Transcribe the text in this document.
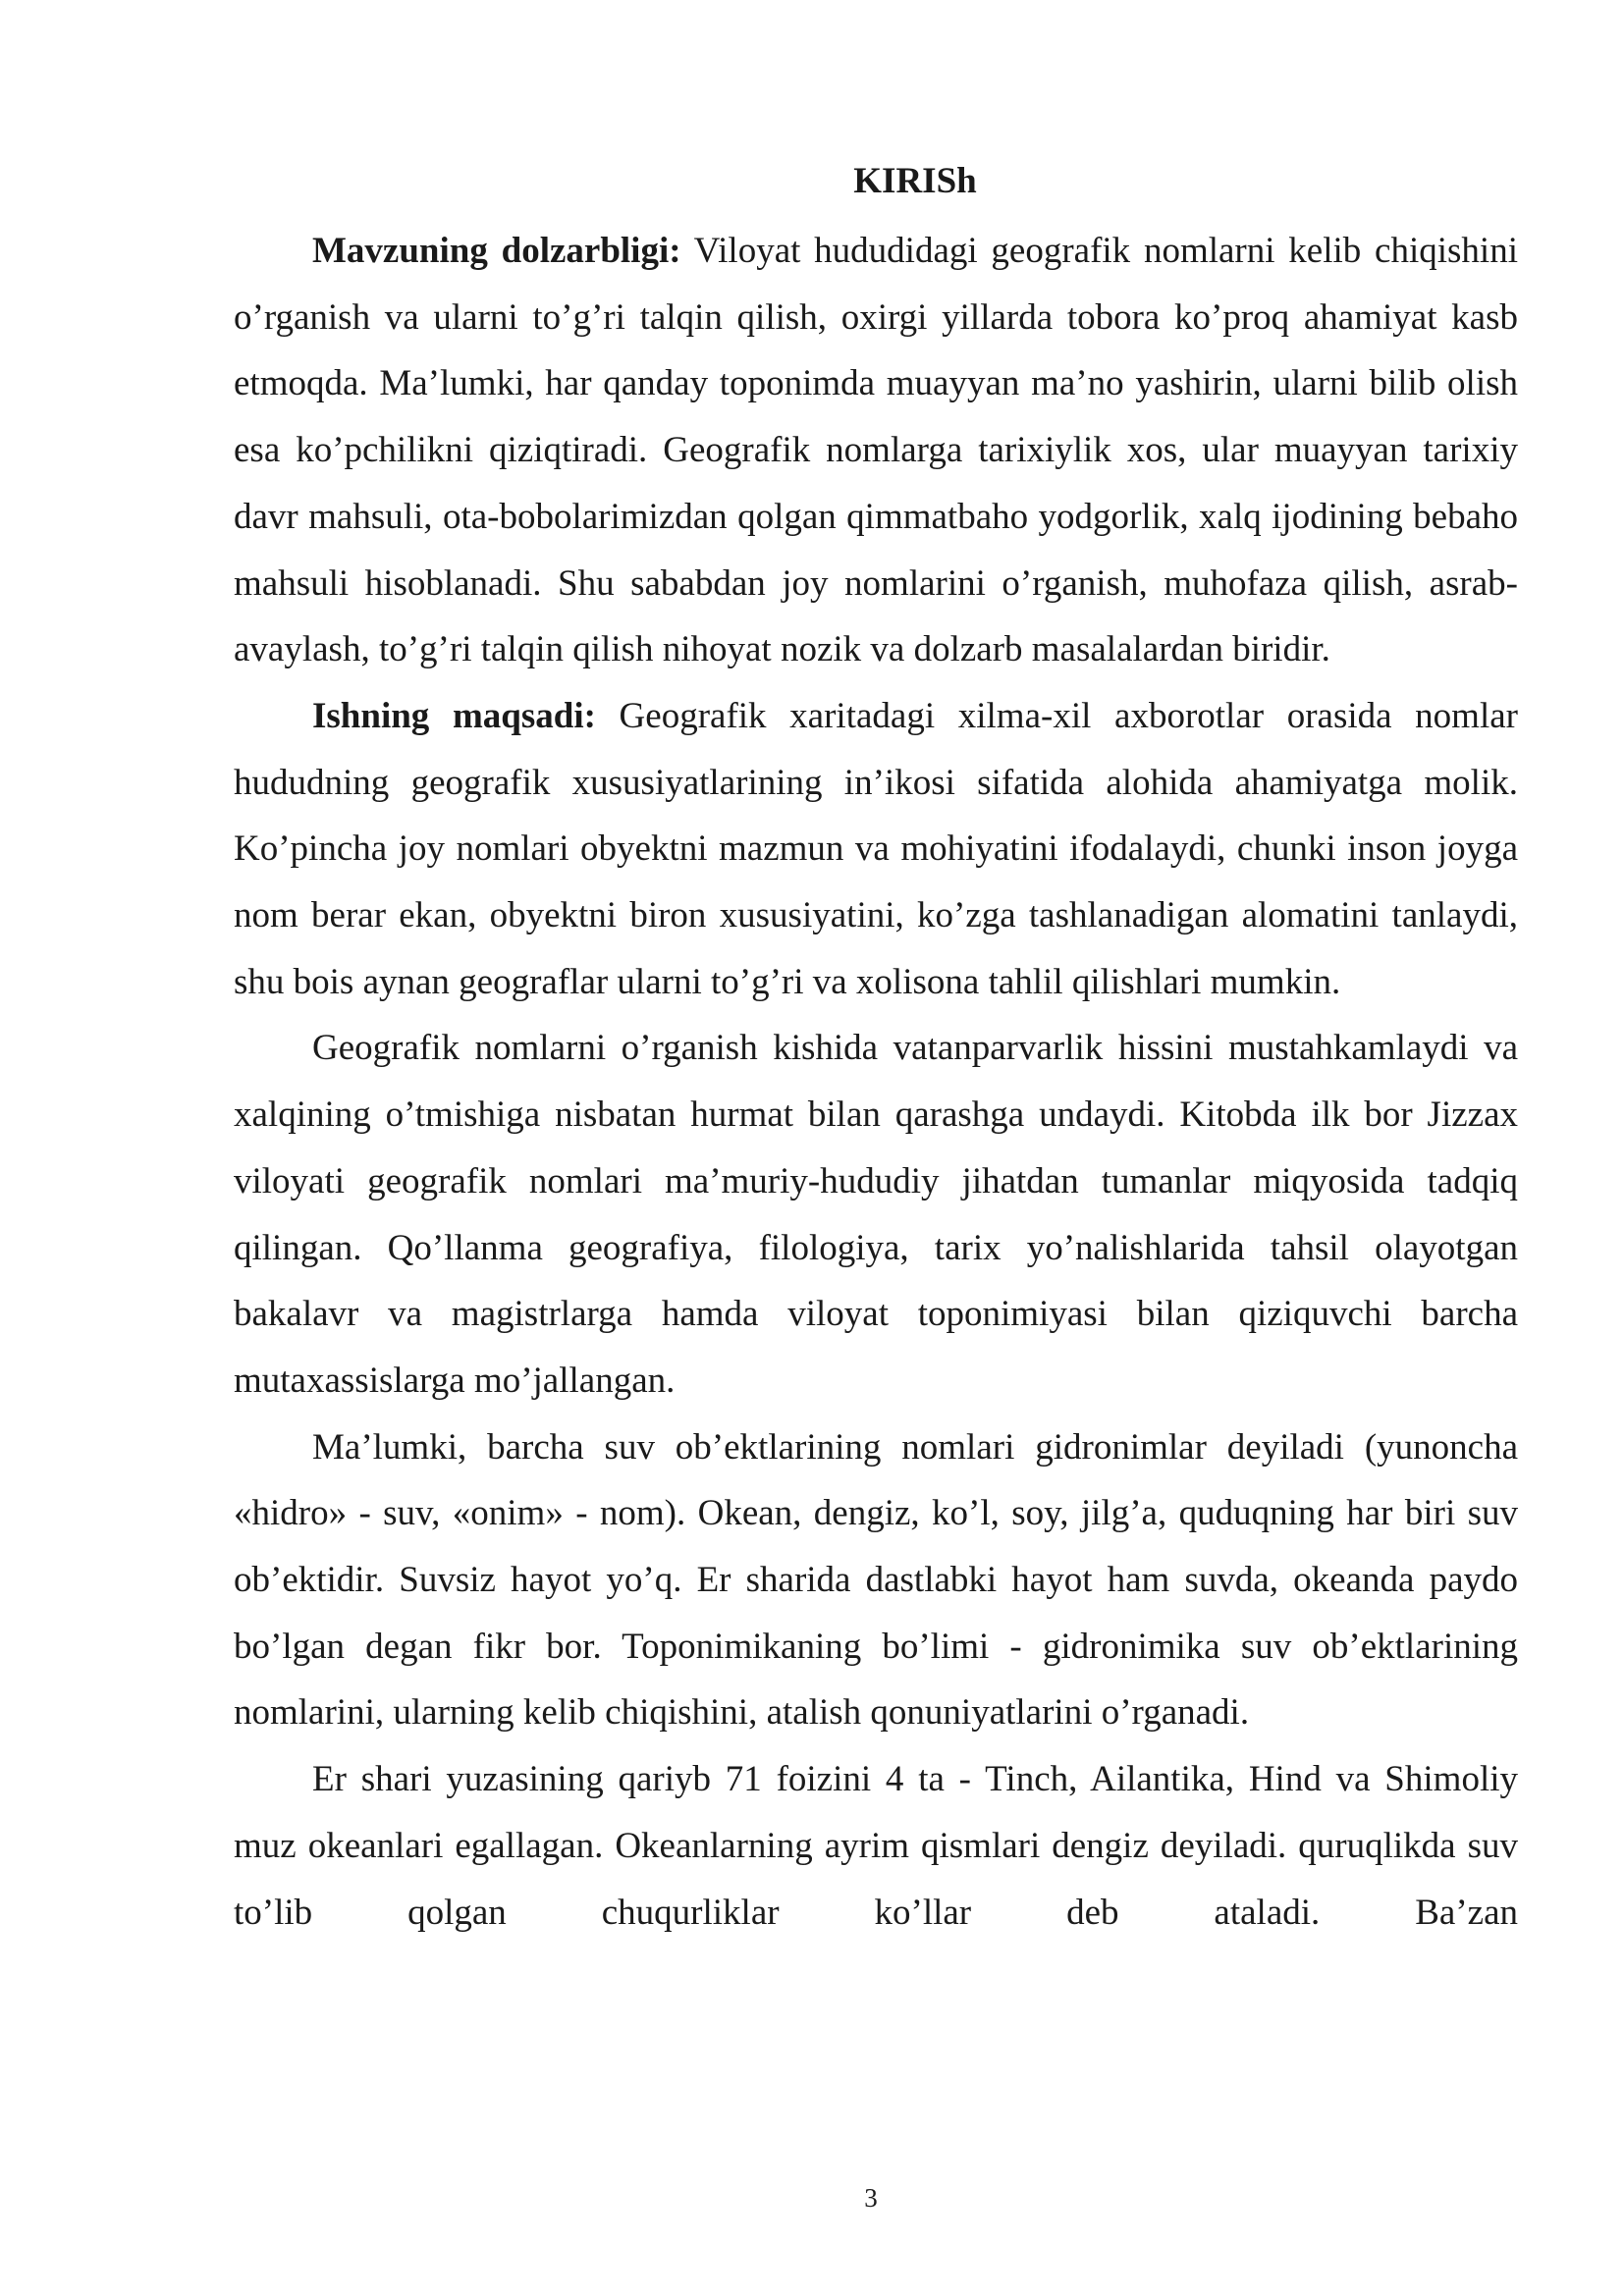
KIRISh

Mavzuning dolzarbligi: Viloyat hududidagi geografik nomlarni kelib chiqishini o’rganish va ularni to’g’ri talqin qilish, oxirgi yillarda tobora ko’proq ahamiyat kasb etmoqda. Ma’lumki, har qanday toponimda muayyan ma’no yashirin, ularni bilib olish esa ko’pchilikni qiziqtiradi. Geografik nomlarga tarixiylik xos, ular muayyan tarixiy davr mahsuli, ota-bobolarimizdan qolgan qimmatbaho yodgorlik, xalq ijodining bebaho mahsuli hisoblanadi. Shu sababdan joy nomlarini o’rganish, muhofaza qilish, asrab-avaylash, to’g’ri talqin qilish nihoyat nozik va dolzarb masalalardan biridir.

Ishning maqsadi: Geografik xaritadagi xilma-xil axborotlar orasida nomlar hududning geografik xususiyatlarining in’ikosi sifatida alohida ahamiyatga molik. Ko’pincha joy nomlari obyektni mazmun va mohiyatini ifodalaydi, chunki inson joyga nom berar ekan, obyektni biron xususiyatini, ko’zga tashlanadigan alomatini tanlaydi, shu bois aynan geograflar ularni to’g’ri va xolisona tahlil qilishlari mumkin.

Geografik nomlarni o’rganish kishida vatanparvarlik hissini mustahkamlaydi va xalqining o’tmishiga nisbatan hurmat bilan qarashga undaydi. Kitobda ilk bor Jizzax viloyati geografik nomlari ma’muriy-hududiy jihatdan tumanlar miqyosida tadqiq qilingan. Qo’llanma geografiya, filologiya, tarix yo’nalishlarida tahsil olayotgan bakalavr va magistrlarga hamda viloyat toponimiyasi bilan qiziquvchi barcha mutaxassislarga mo’jallangan.

Ma’lumki, barcha suv ob’ektlarining nomlari gidronimlar deyiladi (yunoncha «hidro» - suv, «onim» - nom). Okean, dengiz, ko’l, soy, jilg’a, quduqning har biri suv ob’ektidir. Suvsiz hayot yo’q. Er sharida dastlabki hayot ham suvda, okeanda paydo bo’lgan degan fikr bor. Toponimikaning bo’limi - gidronimika suv ob’ektlarining nomlarini, ularning kelib chiqishini, atalish qonuniyatlarini o’rganadi.

Er shari yuzasining qariyb 71 foizini 4 ta - Tinch, Ailantika, Hind va Shimoliy muz okeanlari egallagan. Okeanlarning ayrim qismlari dengiz deyiladi. quruqlikda suv to’lib qolgan chuqurliklar ko’llar deb ataladi. Ba’zan

3
